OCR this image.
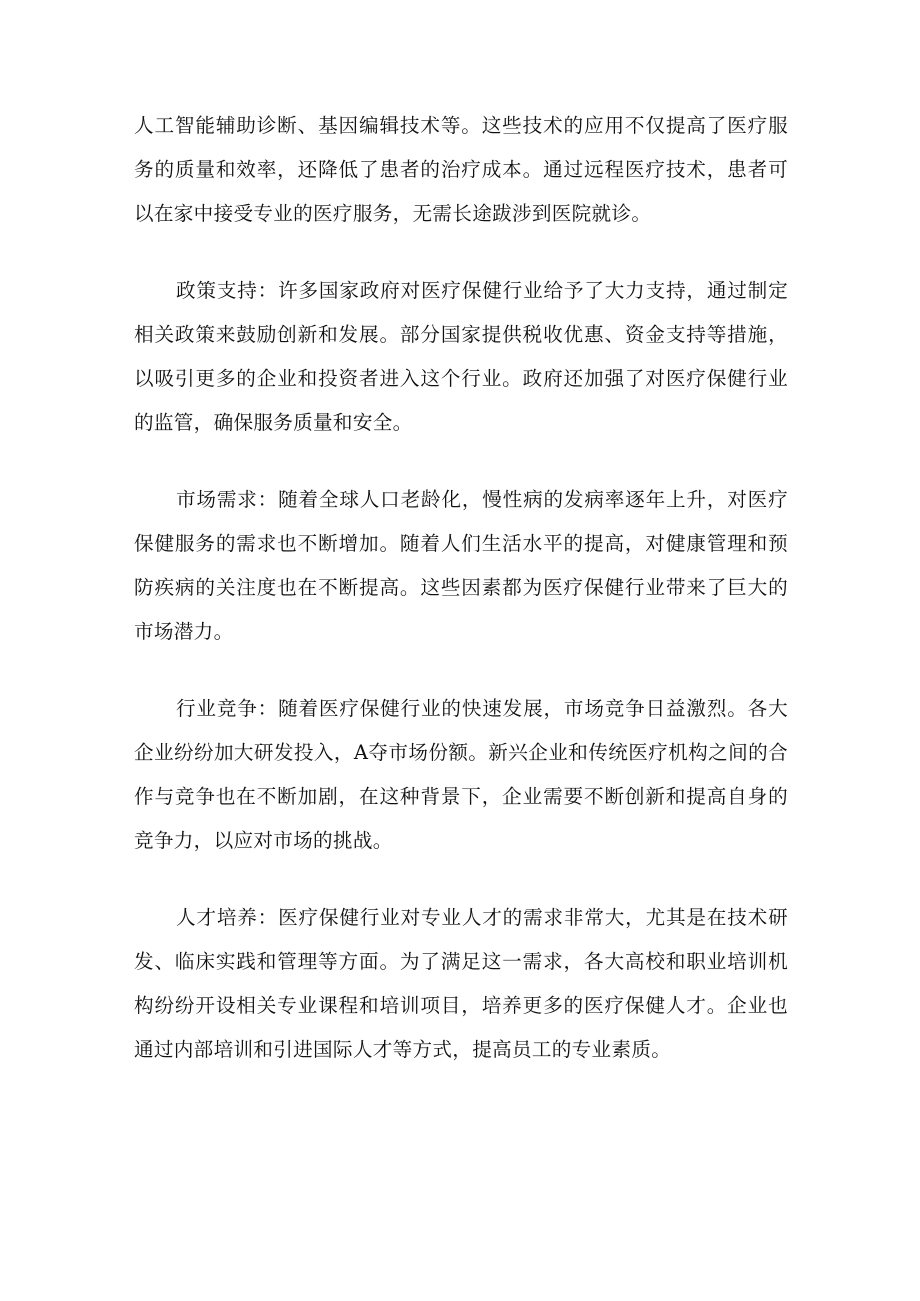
人工智能辅助诊断、基因编辑技术等。这些技术的应用不仅提高了医疗服务的质量和效率，还降低了患者的治疗成本。通过远程医疗技术，患者可以在家中接受专业的医疗服务，无需长途跋涉到医院就诊。

政策支持：许多国家政府对医疗保健行业给予了大力支持，通过制定相关政策来鼓励创新和发展。部分国家提供税收优惠、资金支持等措施，以吸引更多的企业和投资者进入这个行业。政府还加强了对医疗保健行业的监管，确保服务质量和安全。

市场需求：随着全球人口老龄化，慢性病的发病率逐年上升，对医疗保健服务的需求也不断增加。随着人们生活水平的提高，对健康管理和预防疾病的关注度也在不断提高。这些因素都为医疗保健行业带来了巨大的市场潜力。

行业竞争：随着医疗保健行业的快速发展，市场竞争日益激烈。各大企业纷纷加大研发投入，A夺市场份额。新兴企业和传统医疗机构之间的合作与竞争也在不断加剧，在这种背景下，企业需要不断创新和提高自身的竞争力，以应对市场的挑战。

人才培养：医疗保健行业对专业人才的需求非常大，尤其是在技术研发、临床实践和管理等方面。为了满足这一需求，各大高校和职业培训机构纷纷开设相关专业课程和培训项目，培养更多的医疗保健人才。企业也通过内部培训和引进国际人才等方式，提高员工的专业素质。
